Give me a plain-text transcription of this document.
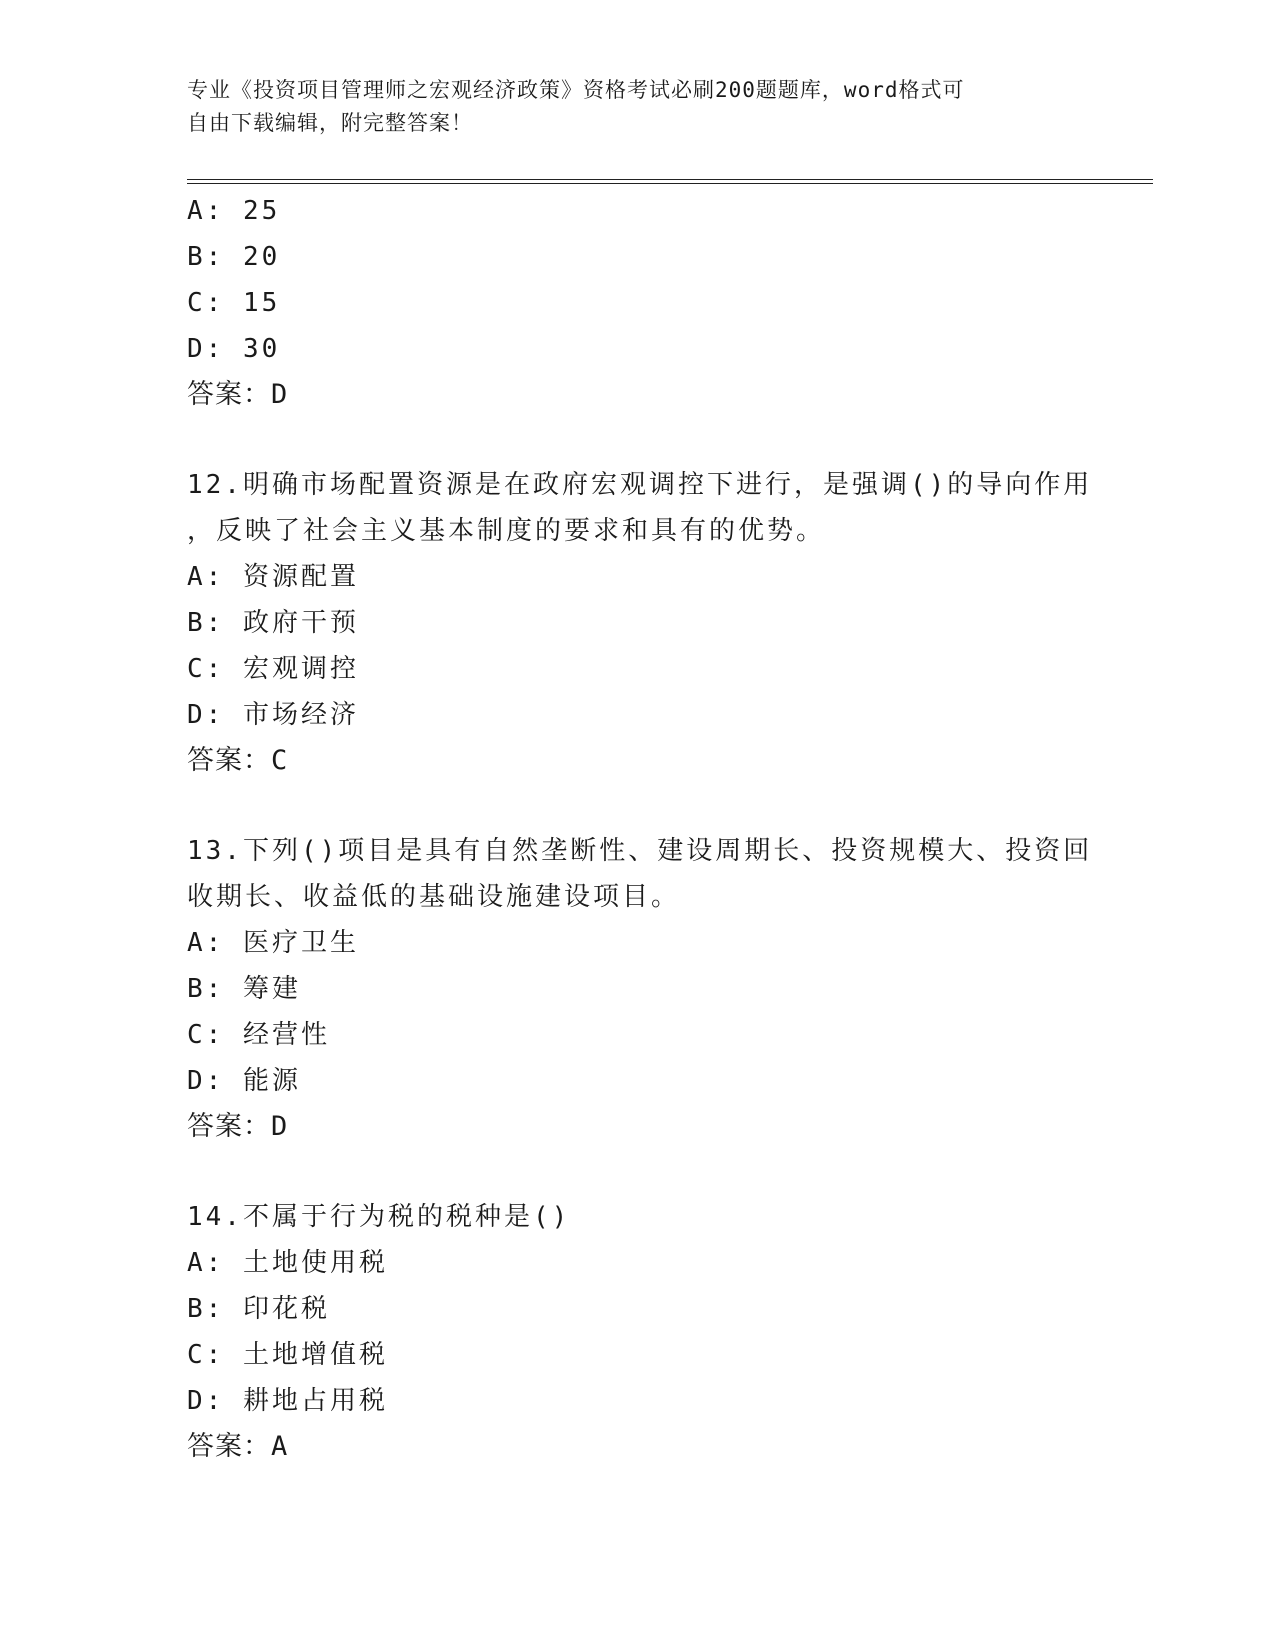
专业《投资项目管理师之宏观经济政策》资格考试必刷200题题库，word格式可
自由下载编辑，附完整答案！
A: 25
B: 20
C: 15
D: 30
答案：D
12.明确市场配置资源是在政府宏观调控下进行，是强调()的导向作用
，反映了社会主义基本制度的要求和具有的优势。
A: 资源配置
B: 政府干预
C: 宏观调控
D: 市场经济
答案：C
13.下列()项目是具有自然垄断性、建设周期长、投资规模大、投资回
收期长、收益低的基础设施建设项目。
A: 医疗卫生
B: 筹建
C: 经营性
D: 能源
答案：D
14.不属于行为税的税种是()
A: 土地使用税
B: 印花税
C: 土地增值税
D: 耕地占用税
答案：A
